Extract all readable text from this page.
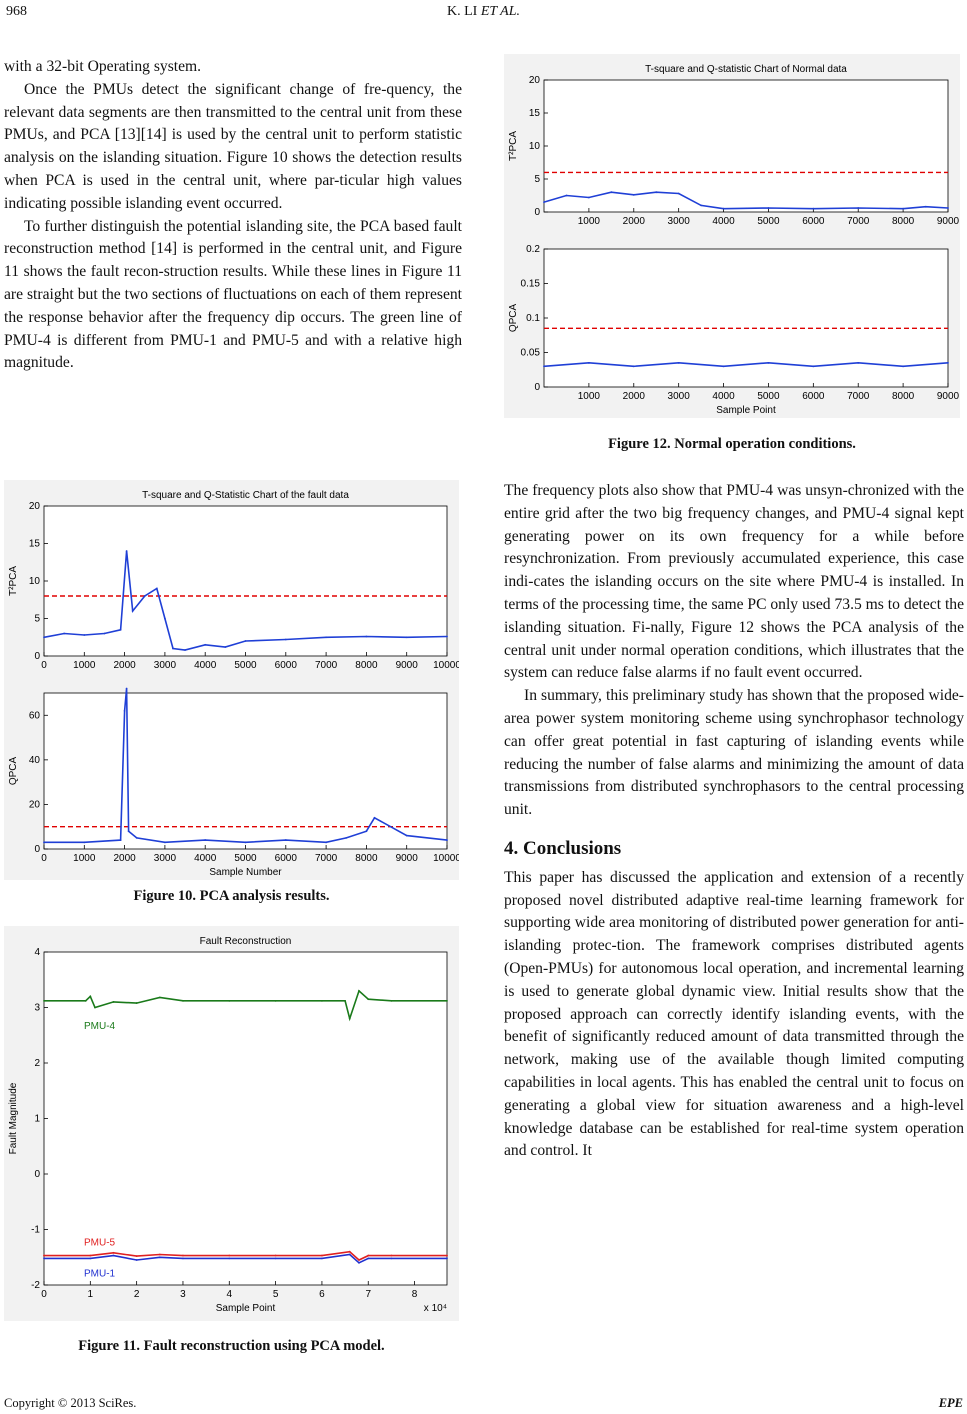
968	K. LI ET AL.

with a 32-bit Operating system.

Once the PMUs detect the significant change of fre-quency, the relevant data segments are then transmitted to the central unit from these PMUs, and PCA [13][14] is used by the central unit to perform statistic analysis on the islanding situation. Figure 10 shows the detection results when PCA is used in the central unit, where par-ticular high values indicating possible islanding event occurred.

To further distinguish the potential islanding site, the PCA based fault reconstruction method [14] is performed in the central unit, and Figure 11 shows the fault recon-struction results. While these lines in Figure 11 are straight but the two sections of fluctuations on each of them represent the response behavior after the frequency dip occurs. The green line of PMU-4 is different from PMU-1 and PMU-5 and with a relative high magnitude.

T-square and Q-Statistic Chart of the fault data
0	1000 2000 3000 4000 5000 6000 7000 8000 9000 10000
0
5
10
15
20
T²PCA

0	1000 2000 3000 4000 5000 6000 7000 8000 9000 10000
0
20
40
60
Sample Number
QPCA
Figure 10. PCA analysis results.
Fault Reconstruction
0	1	2	3	4	5	6	7	8
-2
-1
0
1
2
3
4
Sample Point
Fault Magnitude
x 10⁴
PMU-4
PMU-5
PMU-1
Figure 11. Fault reconstruction using PCA model.
T-square and Q-statistic Chart of Normal data
1000 2000 3000 4000 5000 6000 7000 8000 9000
0
5
10
15
20
T²PCA

1000 2000 3000 4000 5000 6000 7000 8000 9000
0
0.05
0.1
0.15
0.2
Sample Point
QPCA
Figure 12. Normal operation conditions.

The frequency plots also show that PMU-4 was unsyn-chronized with the entire grid after the two big frequency changes, and PMU-4 signal kept generating power on its own frequency for a while before resynchronization. From previously accumulated experience, this case indi-cates the islanding occurs on the site where PMU-4 is installed. In terms of the processing time, the same PC only used 73.5 ms to detect the islanding situation. Fi-nally, Figure 12 shows the PCA analysis of the central unit under normal operation conditions, which illustrates that the system can reduce false alarms if no fault event occurred.

In summary, this preliminary study has shown that the proposed wide-area power system monitoring scheme using synchrophasor technology can offer great potential in fast capturing of islanding events while reducing the number of false alarms and minimizing the amount of data transmissions from distributed synchrophasors to the central processing unit.

4. Conclusions

This paper has discussed the application and extension of a recently proposed novel distributed adaptive real-time learning framework for supporting wide area monitoring of distributed power generation for anti-islanding protec-tion. The framework comprises distributed agents (Open-PMUs) for autonomous local operation, and incremental learning is used to generate global dynamic view. Initial results show that the proposed approach can correctly identify islanding events, with the benefit of significantly reduced amount of data transmitted through the network, making use of the available though limited computing capabilities in local agents. This has enabled the central unit to focus on generating a global view for situation awareness and a high-level knowledge database can be established for real-time system operation and control. It

Copyright © 2013 SciRes.	EPE
